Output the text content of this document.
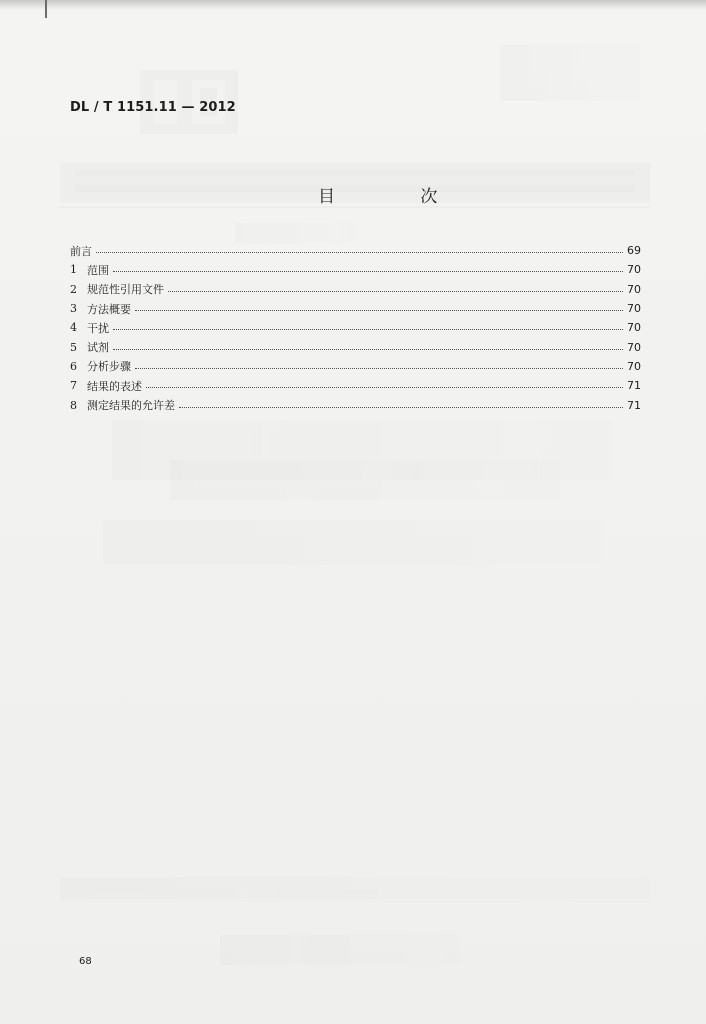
DL / T 1151.11 — 2012
目 次
前言	69
1 范围	70
2 规范性引用文件	70
3 方法概要	70
4 干扰	70
5 试剂	70
6 分析步骤	70
7 结果的表述	71
8 测定结果的允许差	71
68
